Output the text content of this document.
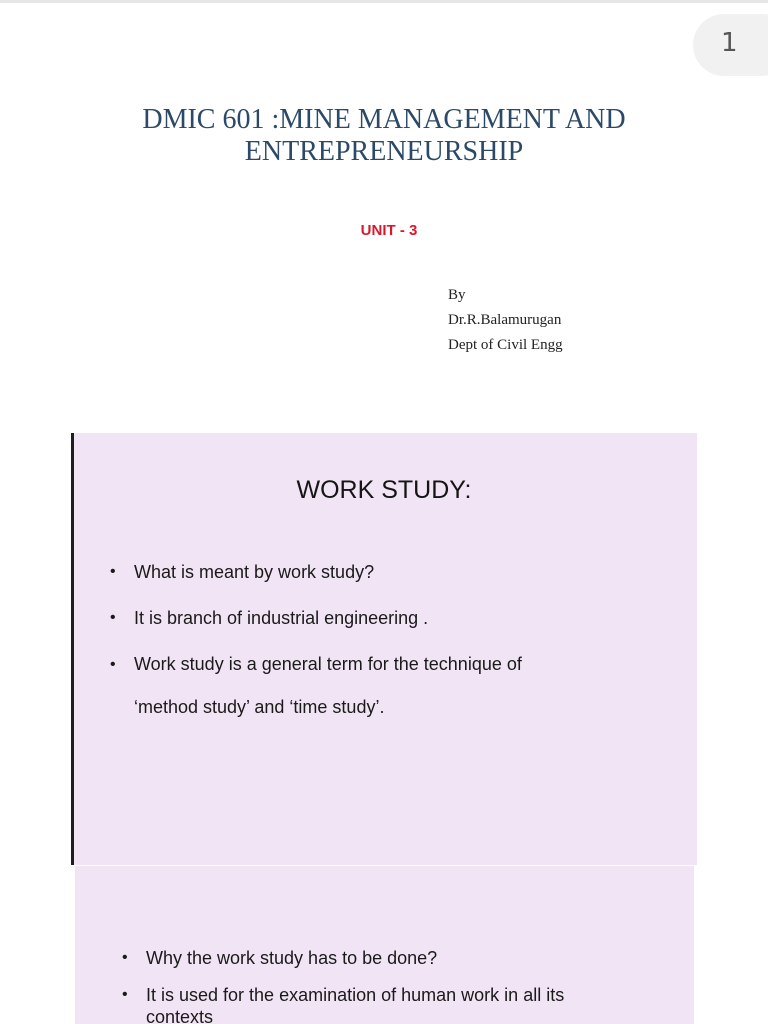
1
DMIC 601 :MINE MANAGEMENT AND
ENTREPRENEURSHIP
UNIT - 3
By
Dr.R.Balamurugan
Dept of Civil Engg
WORK STUDY:
• What is meant by work study?
• It is branch of industrial engineering .
• Work study is a general term for the technique of
‘method study’ and ‘time study’.
• Why the work study has to be done?
• It is used for the examination of human work in all its
contexts
